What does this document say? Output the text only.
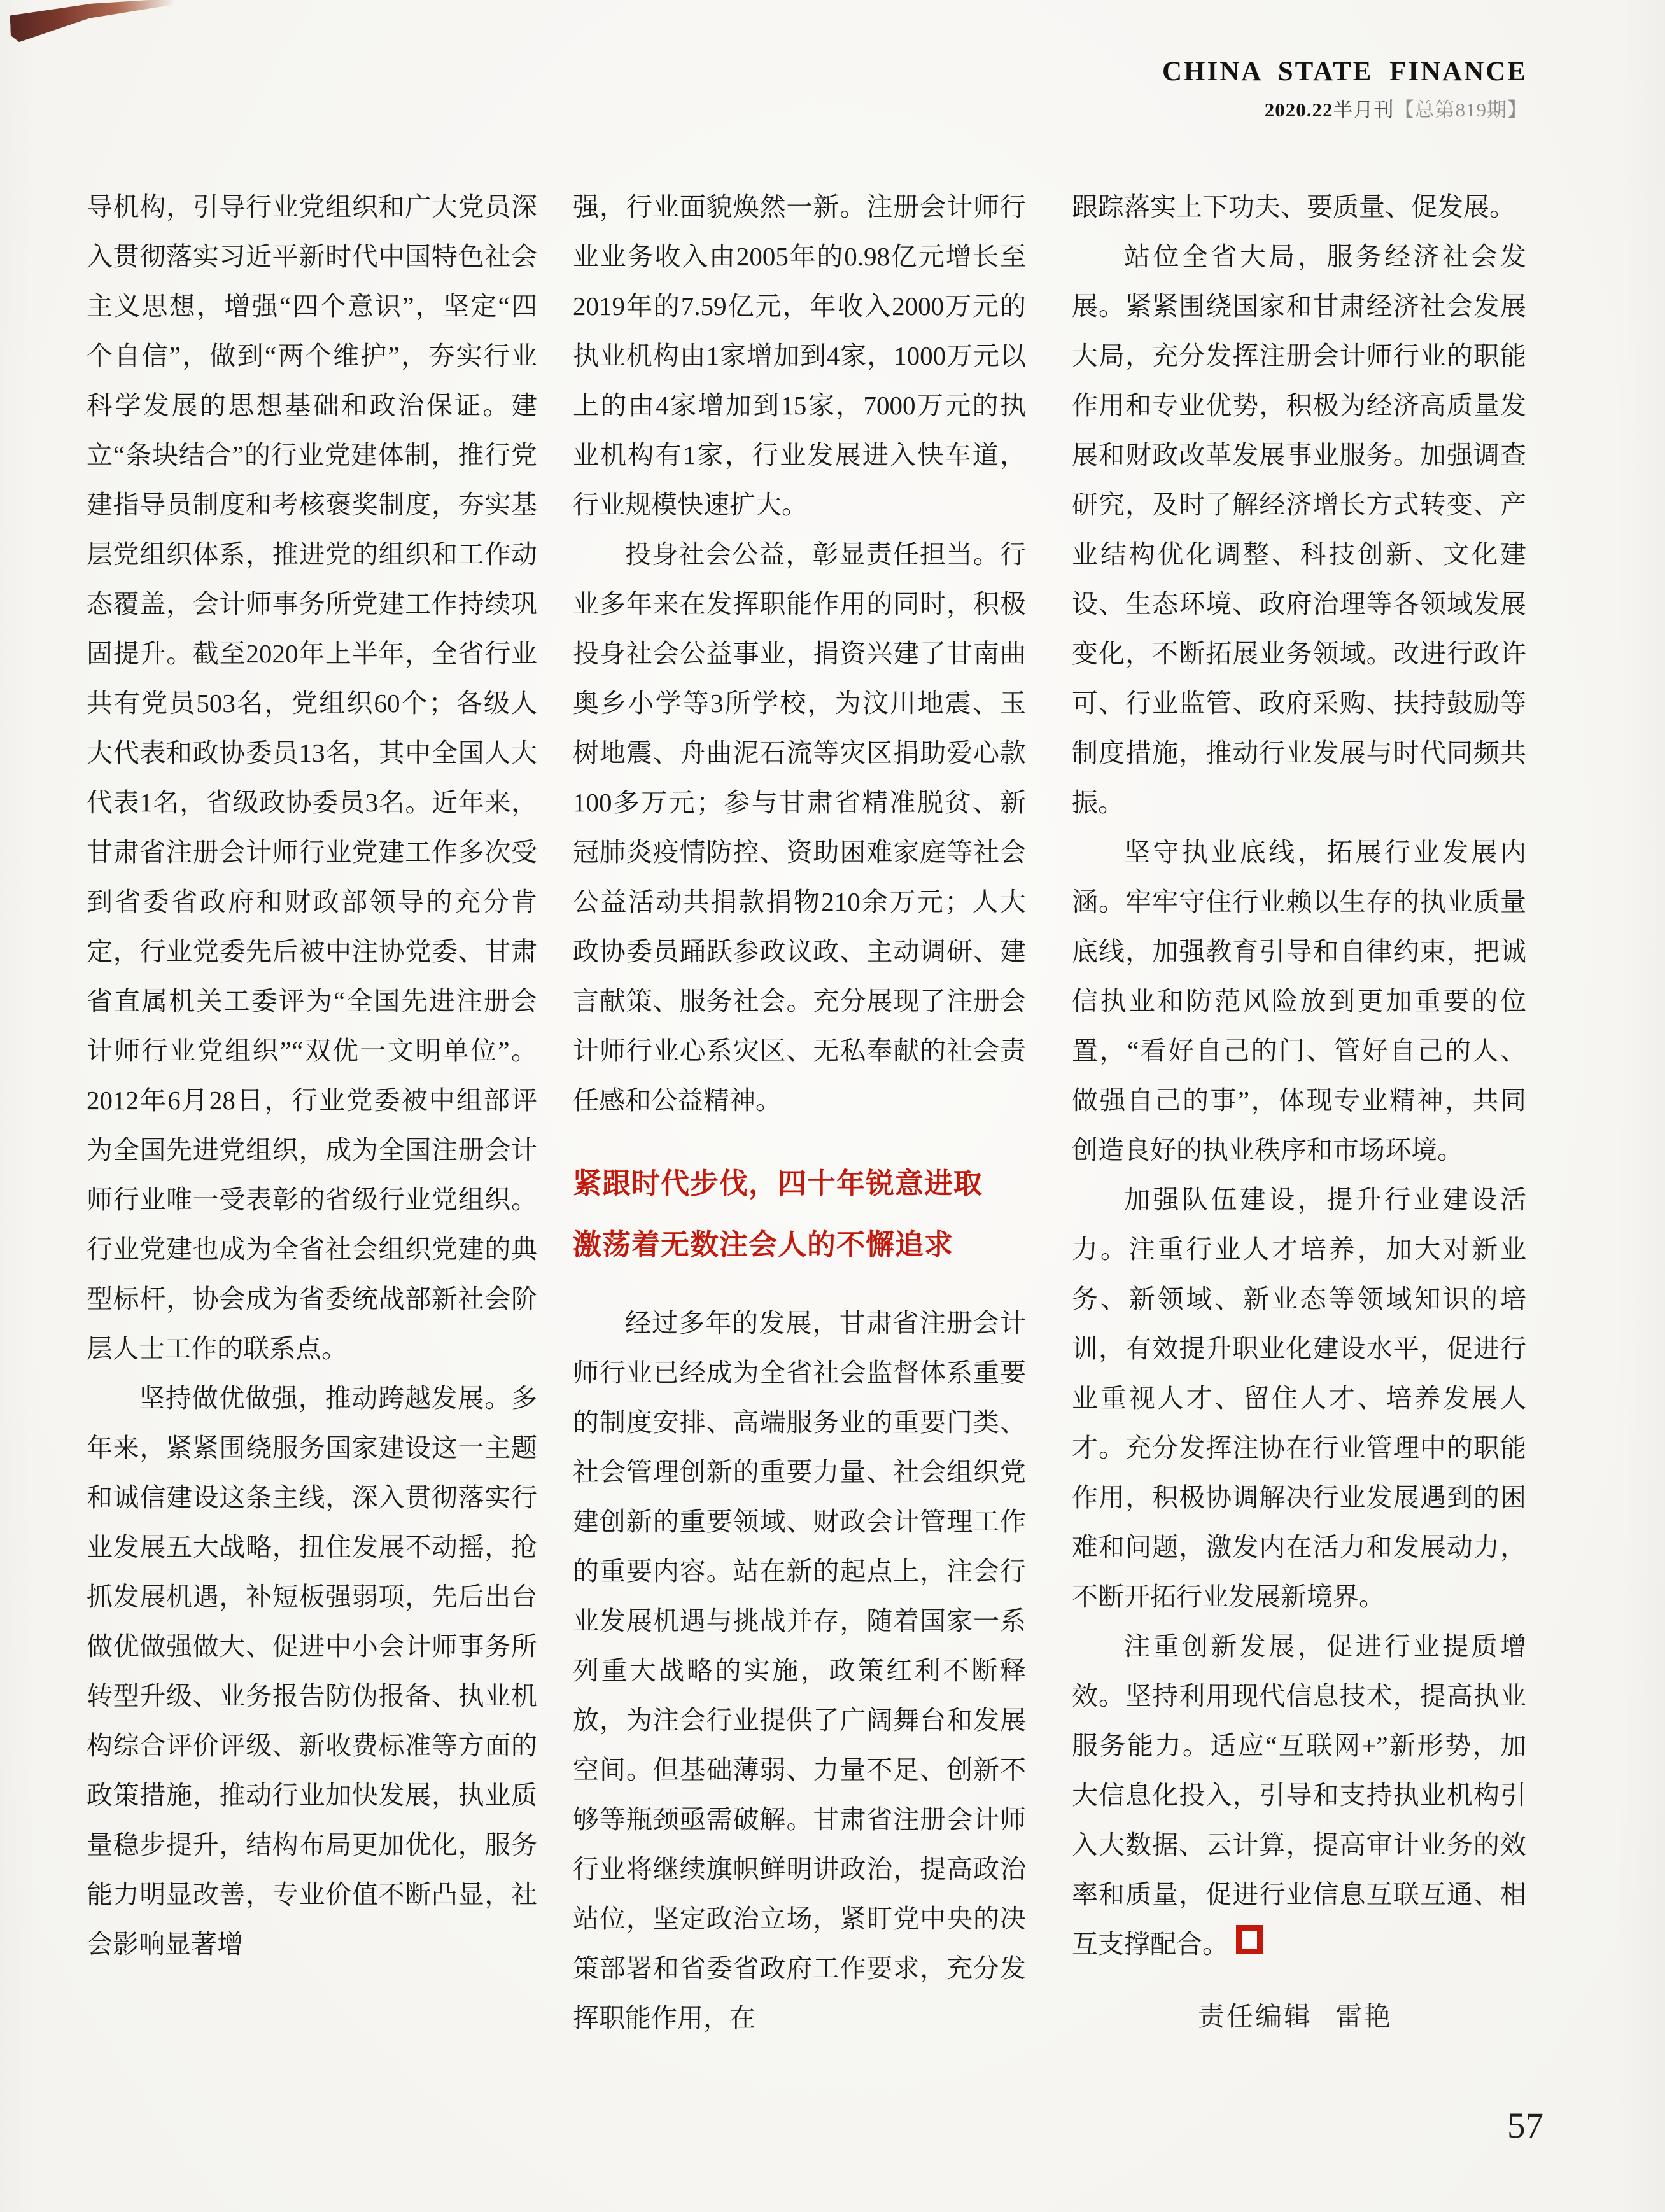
CHINA STATE FINANCE
2020.22半月刊【总第819期】

导机构，引导行业党组织和广大党员深入贯彻落实习近平新时代中国特色社会主义思想，增强“四个意识”，坚定“四个自信”，做到“两个维护”，夯实行业科学发展的思想基础和政治保证。建立“条块结合”的行业党建体制，推行党建指导员制度和考核褒奖制度，夯实基层党组织体系，推进党的组织和工作动态覆盖，会计师事务所党建工作持续巩固提升。截至2020年上半年，全省行业共有党员503名，党组织60个；各级人大代表和政协委员13名，其中全国人大代表1名，省级政协委员3名。近年来，甘肃省注册会计师行业党建工作多次受到省委省政府和财政部领导的充分肯定，行业党委先后被中注协党委、甘肃省直属机关工委评为“全国先进注册会计师行业党组织”“双优一文明单位”。2012年6月28日，行业党委被中组部评为全国先进党组织，成为全国注册会计师行业唯一受表彰的省级行业党组织。行业党建也成为全省社会组织党建的典型标杆，协会成为省委统战部新社会阶层人士工作的联系点。

坚持做优做强，推动跨越发展。多年来，紧紧围绕服务国家建设这一主题和诚信建设这条主线，深入贯彻落实行业发展五大战略，扭住发展不动摇，抢抓发展机遇，补短板强弱项，先后出台做优做强做大、促进中小会计师事务所转型升级、业务报告防伪报备、执业机构综合评价评级、新收费标准等方面的政策措施，推动行业加快发展，执业质量稳步提升，结构布局更加优化，服务能力明显改善，专业价值不断凸显，社会影响显著增

强，行业面貌焕然一新。注册会计师行业业务收入由2005年的0.98亿元增长至2019年的7.59亿元，年收入2000万元的执业机构由1家增加到4家，1000万元以上的由4家增加到15家，7000万元的执业机构有1家，行业发展进入快车道，行业规模快速扩大。

投身社会公益，彰显责任担当。行业多年来在发挥职能作用的同时，积极投身社会公益事业，捐资兴建了甘南曲奥乡小学等3所学校，为汶川地震、玉树地震、舟曲泥石流等灾区捐助爱心款100多万元；参与甘肃省精准脱贫、新冠肺炎疫情防控、资助困难家庭等社会公益活动共捐款捐物210余万元；人大政协委员踊跃参政议政、主动调研、建言献策、服务社会。充分展现了注册会计师行业心系灾区、无私奉献的社会责任感和公益精神。

紧跟时代步伐，四十年锐意进取
激荡着无数注会人的不懈追求

经过多年的发展，甘肃省注册会计师行业已经成为全省社会监督体系重要的制度安排、高端服务业的重要门类、社会管理创新的重要力量、社会组织党建创新的重要领域、财政会计管理工作的重要内容。站在新的起点上，注会行业发展机遇与挑战并存，随着国家一系列重大战略的实施，政策红利不断释放，为注会行业提供了广阔舞台和发展空间。但基础薄弱、力量不足、创新不够等瓶颈亟需破解。甘肃省注册会计师行业将继续旗帜鲜明讲政治，提高政治站位，坚定政治立场，紧盯党中央的决策部署和省委省政府工作要求，充分发挥职能作用，在

跟踪落实上下功夫、要质量、促发展。

站位全省大局，服务经济社会发展。紧紧围绕国家和甘肃经济社会发展大局，充分发挥注册会计师行业的职能作用和专业优势，积极为经济高质量发展和财政改革发展事业服务。加强调查研究，及时了解经济增长方式转变、产业结构优化调整、科技创新、文化建设、生态环境、政府治理等各领域发展变化，不断拓展业务领域。改进行政许可、行业监管、政府采购、扶持鼓励等制度措施，推动行业发展与时代同频共振。

坚守执业底线，拓展行业发展内涵。牢牢守住行业赖以生存的执业质量底线，加强教育引导和自律约束，把诚信执业和防范风险放到更加重要的位置，“看好自己的门、管好自己的人、做强自己的事”，体现专业精神，共同创造良好的执业秩序和市场环境。

加强队伍建设，提升行业建设活力。注重行业人才培养，加大对新业务、新领域、新业态等领域知识的培训，有效提升职业化建设水平，促进行业重视人才、留住人才、培养发展人才。充分发挥注协在行业管理中的职能作用，积极协调解决行业发展遇到的困难和问题，激发内在活力和发展动力，不断开拓行业发展新境界。

注重创新发展，促进行业提质增效。坚持利用现代信息技术，提高执业服务能力。适应“互联网+”新形势，加大信息化投入，引导和支持执业机构引入大数据、云计算，提高审计业务的效率和质量，促进行业信息互联互通、相互支撑配合。

责任编辑 雷艳
57
